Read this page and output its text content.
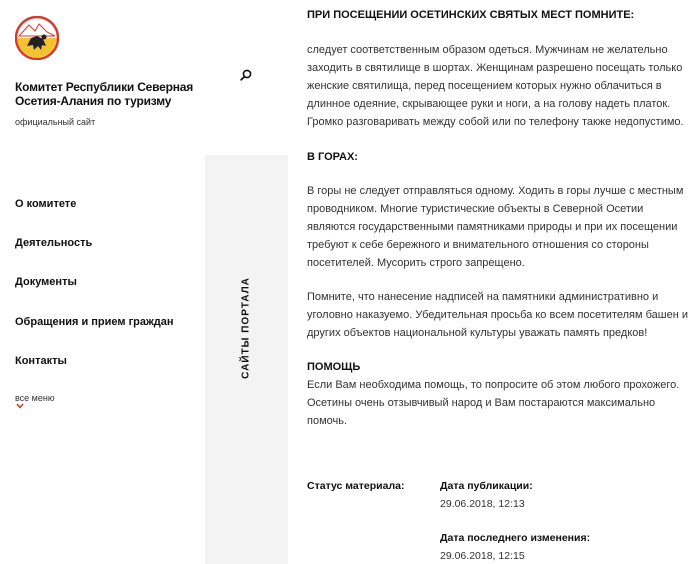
Комитет Республики Северная Осетия-Алания по туризму
официальный сайт
О комитете
Деятельность
Документы
Обращения и прием граждан
Контакты
все меню
САЙТЫ ПОРТАЛА
ПРИ ПОСЕЩЕНИИ ОСЕТИНСКИХ СВЯТЫХ МЕСТ ПОМНИТЕ:

следует соответственным образом одеться. Мужчинам не желательно заходить в святилище в шортах. Женщинам разрешено посещать только женские святилища, перед посещением которых нужно облачиться в длинное одеяние, скрывающее руки и ноги, а на голову надеть платок. Громко разговаривать между собой или по телефону также недопустимо.

В ГОРАХ:

В горы не следует отправляться одному. Ходить в горы лучше с местным проводником. Многие туристические объекты в Северной Осетии являются государственными памятниками природы и при их посещении требуют к себе бережного и внимательного отношения со стороны посетителей. Мусорить строго запрещено.

Помните, что нанесение надписей на памятники административно и уголовно наказуемо. Убедительная просьба ко всем посетителям башен и других объектов национальной культуры уважать память предков!

ПОМОЩЬ

Если Вам необходима помощь, то попросите об этом любого прохожего. Осетины очень отзывчивый народ и Вам постараются максимально помочь.

Статус материала:	Дата публикации:
29.06.2018, 12:13
Дата последнего изменения:
29.06.2018, 12:15
